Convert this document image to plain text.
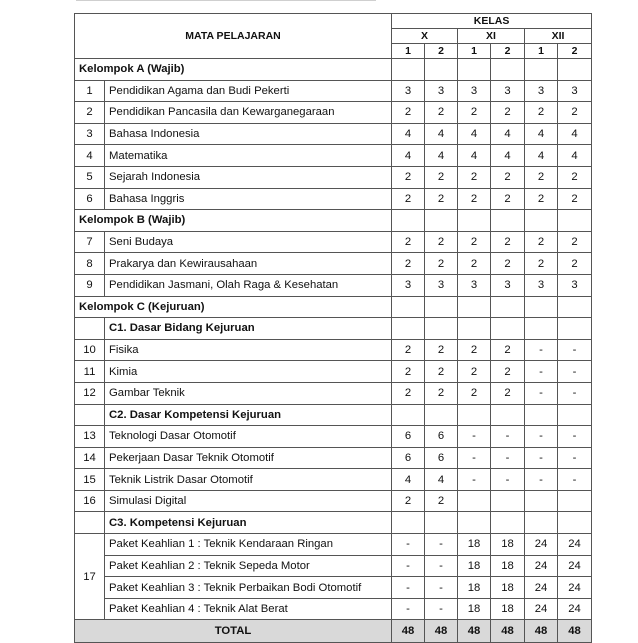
MATA PELAJARAN		KELAS					
		X		XI		XII	
		1	2	1	2	1	2
Kelompok A (Wajib)							
1	Pendidikan Agama dan Budi Pekerti	3	3	3	3	3	3
2	Pendidikan Pancasila dan Kewarganegaraan	2	2	2	2	2	2
3	Bahasa Indonesia	4	4	4	4	4	4
4	Matematika	4	4	4	4	4	4
5	Sejarah Indonesia	2	2	2	2	2	2
6	Bahasa Inggris	2	2	2	2	2	2
Kelompok B (Wajib)							
7	Seni Budaya	2	2	2	2	2	2
8	Prakarya dan Kewirausahaan	2	2	2	2	2	2
9	Pendidikan Jasmani, Olah Raga & Kesehatan	3	3	3	3	3	3
Kelompok C (Kejuruan)							
	C1. Dasar Bidang Kejuruan						
10	Fisika	2	2	2	2	-	-
11	Kimia	2	2	2	2	-	-
12	Gambar Teknik	2	2	2	2	-	-
	C2. Dasar Kompetensi Kejuruan						
13	Teknologi Dasar Otomotif	6	6	-	-	-	-
14	Pekerjaan Dasar Teknik Otomotif	6	6	-	-	-	-
15	Teknik Listrik Dasar Otomotif	4	4	-	-	-	-
16	Simulasi Digital	2	2				
	C3. Kompetensi Kejuruan						
17	Paket Keahlian 1 : Teknik Kendaraan Ringan	-	-	18	18	24	24
	Paket Keahlian 2 : Teknik Sepeda Motor	-	-	18	18	24	24
	Paket Keahlian 3 : Teknik Perbaikan Bodi Otomotif	-	-	18	18	24	24
	Paket Keahlian 4 : Teknik Alat Berat	-	-	18	18	24	24
TOTAL		48	48	48	48	48	48
